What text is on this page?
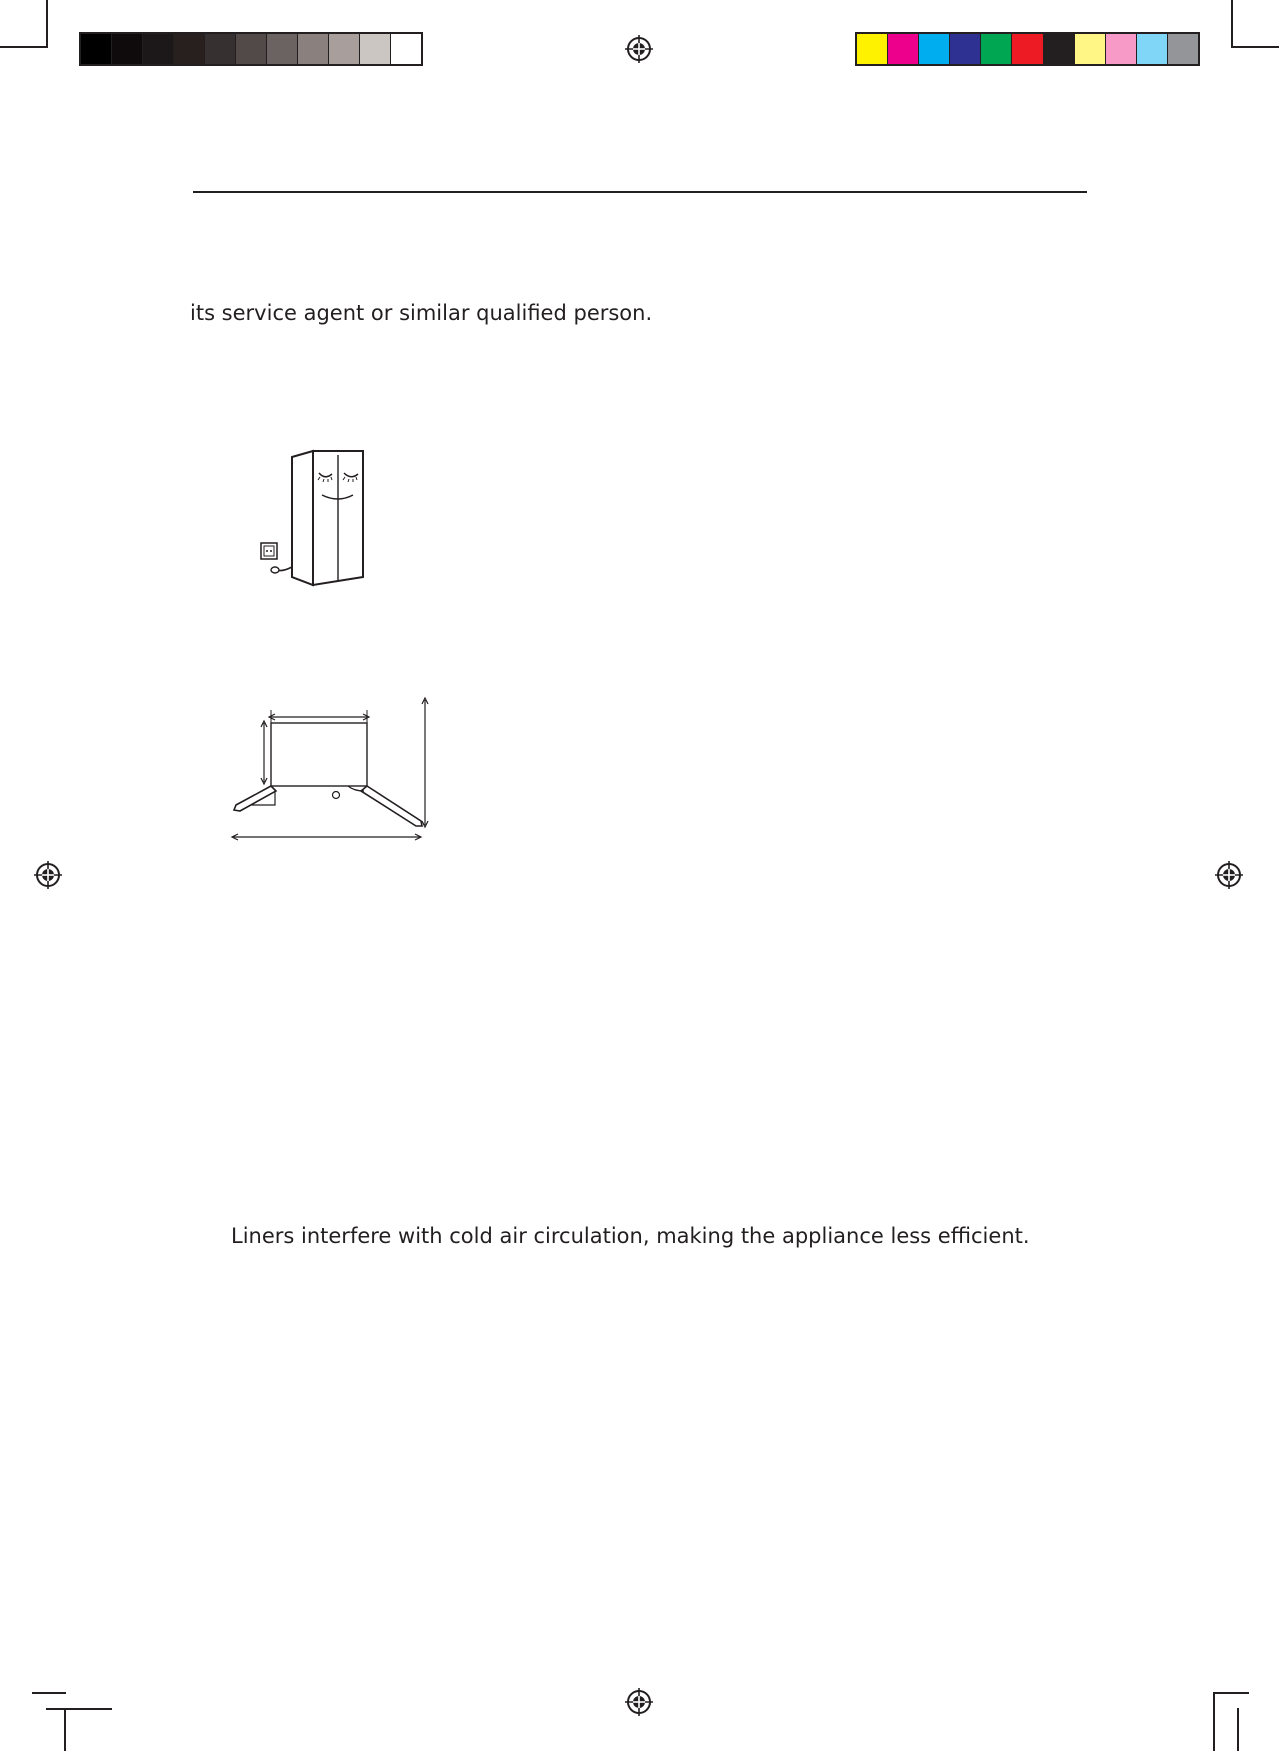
its service agent or similar qualified person.
Liners interfere with cold air circulation, making the appliance less efficient.
